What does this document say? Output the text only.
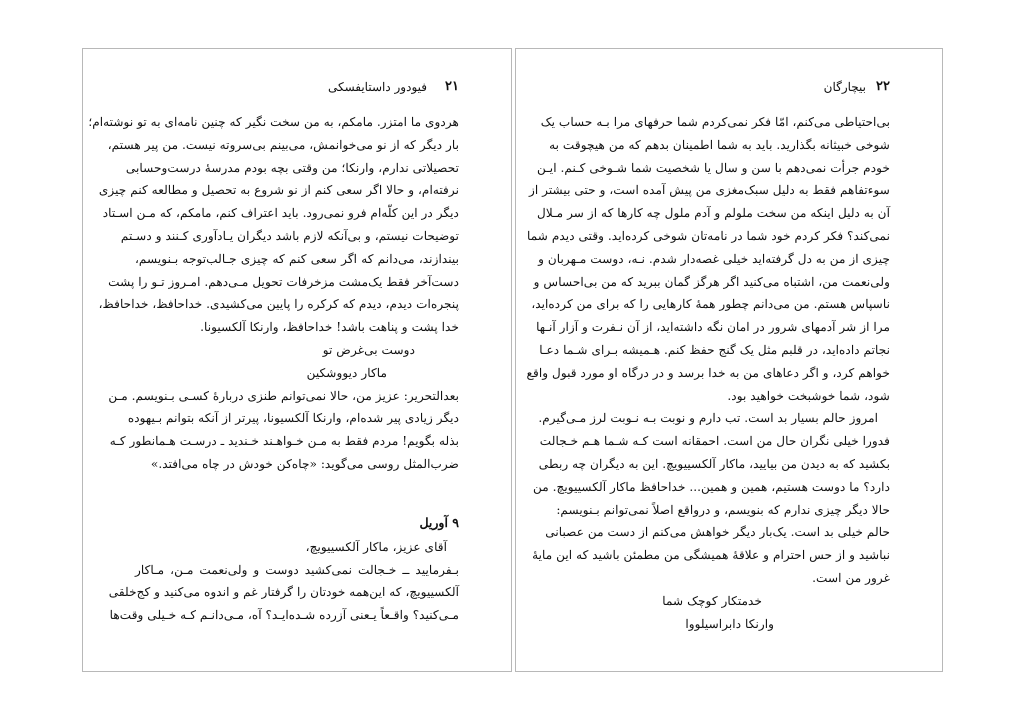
۲۱
فیودور داستایفسکی
هردوی ما امتزر. مامکم، به من سخت نگیر که چنین نامه‌ای به تو نوشته‌ام؛
بار دیگر که از نو می‌خوانمش، می‌بینم بی‌سروته نیست. من پیر هستم،
تحصیلاتی ندارم، وارنکا؛ من وقتی بچه بودم مدرسهٔ درست‌وحسابی
نرفته‌ام، و حالا اگر سعی کنم از نو شروع به تحصیل و مطالعه کنم چیزی
دیگر در این کلّه‌ام فرو نمی‌رود. باید اعتراف کنم، مامکم، که مـن اسـتاد
توضیحات نیستم، و بی‌آنکه لازم باشد دیگران یـادآوری کـنند و دسـتم
بیندازند، می‌دانم که اگر سعی کنم که چیزی جـالب‌توجه بـنویسم،
دست‌آخر فقط یک‌مشت مزخرفات تحویل مـی‌دهم. امـروز تـو را پشت
پنجره‌ات دیدم، دیدم که کرکره را پایین می‌کشیدی. خداحافظ، خداحافظ،
خدا پشت و پناهت باشد! خداحافظ، وارنکا آلکسیونا.
دوست بی‌غرض تو
ماکار دیووشکین
بعدالتحریر: عزیز من، حالا نمی‌توانم طنزی دربارهٔ کسـی بـنویسم. مـن
دیگر زیادی پیر شده‌ام، وارنکا آلکسیونا، پیرتر از آنکه بتوانم بـیهوده
بذله بگویم! مردم فقط به مـن خـواهـند خـندید ـ درسـت هـمانطور کـه
ضرب‌المثل روسی می‌گوید: «چاه‌کن خودش در چاه می‌افتد.»
۹ آوریل
آقای عزیز، ماکار آلکسییویچ،
بـفرمایید ــ خـجالت نمی‌کشید دوست و ولی‌نعمت مـن، مـاکار
آلکسییویچ، که این‌همه خودتان را گرفتار غم و اندوه می‌کنید و کج‌خلقی
مـی‌کنید؟ واقـعاً یـعنی آزرده شـده‌ایـد؟ آه، مـی‌دانـم کـه خـیلی وقت‌ها
۲۲
بیچارگان
بی‌احتیاطی می‌کنم، امّا فکر نمی‌کردم شما حرفهای مرا بـه حساب یک
شوخی خبیثانه بگذارید. باید به شما اطمینان بدهم که من هیچوقت به
خودم جرأت نمی‌دهم با سن و سال یا شخصیت شما شـوخی کـنم. ایـن
سوءتفاهم فقط به دلیل سبک‌مغزی من پیش آمده است، و حتی بیشتر از
آن به دلیل اینکه من سخت ملولم و آدم ملول چه کارها که از سر مـلال
نمی‌کند؟ فکر کردم خود شما در نامه‌تان شوخی کرده‌اید. وقتی دیدم شما
چیزی از من به دل گرفته‌اید خیلی غصه‌دار شدم. نـه، دوست مـهربان و
ولی‌نعمت من، اشتباه می‌کنید اگر هرگز گمان ببرید که من بی‌احساس و
ناسپاس هستم. من می‌دانم چطور همهٔ کارهایی را که برای من کرده‌اید،
مرا از شر آدمهای شرور در امان نگه داشته‌اید، از آن نـفرت و آزار آنـها
نجاتم داده‌اید، در قلبم مثل یک گنج حفظ کنم. هـمیشه بـرای شـما دعـا
خواهم کرد، و اگر دعاهای من به خدا برسد و در درگاه او مورد قبول واقع
شود، شما خوشبخت خواهید بود.
امروز حالم بسیار بد است. تب دارم و نوبت بـه نـوبت لرز مـی‌گیرم.
فدورا خیلی نگران حال من است. احمقانه است کـه شـما هـم خـجالت
بکشید که به دیدن من بیایید، ماکار آلکسییویچ. این به دیگران چه ربطی
دارد؟ ما دوست هستیم، همین و همین... خداحافظ ماکار آلکسییویچ. من
حالا دیگر چیزی ندارم که بنویسم، و درواقع اصلاً نمی‌توانم بـنویسم:
حالم خیلی بد است. یک‌بار دیگر خواهش می‌کنم از دست من عصبانی
نباشید و از حس احترام و علاقهٔ همیشگی من مطمئن باشید که این مایهٔ
غرور من است.
خدمتکار کوچک شما
وارنکا دابراسیلووا
